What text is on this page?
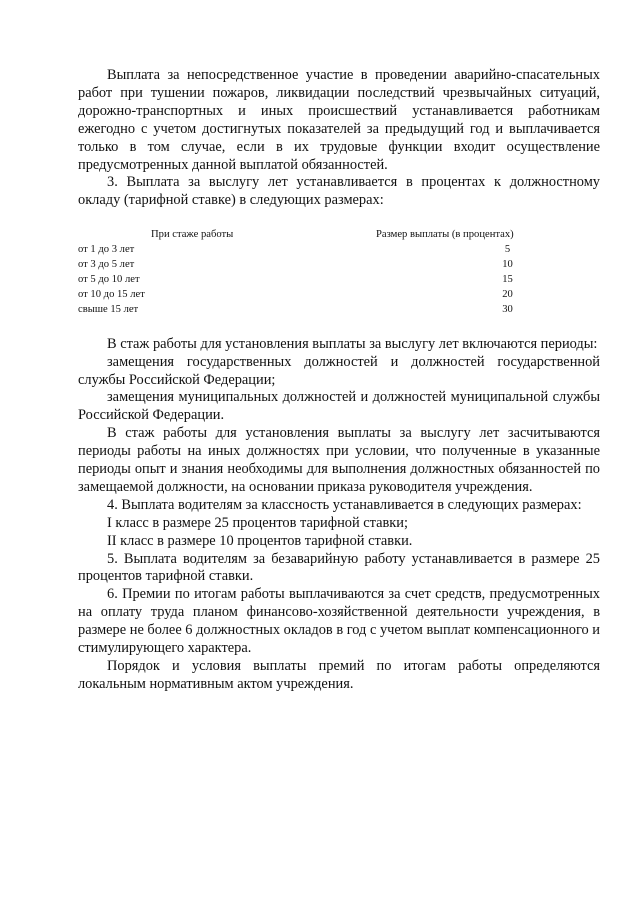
Выплата за непосредственное участие в проведении аварийно-спасательных работ при тушении пожаров, ликвидации последствий чрезвычайных ситуаций, дорожно-транспортных и иных происшествий устанавливается работникам ежегодно с учетом достигнутых показателей за предыдущий год и выплачивается только в том случае, если в их трудовые функции входит осуществление предусмотренных данной выплатой обязанностей.

3. Выплата за выслугу лет устанавливается в процентах к должностному окладу (тарифной ставке) в следующих размерах:

При стаже работы	Размер выплаты (в процентах)
от 1 до 3 лет	5
от 3 до 5 лет	10
от 5 до 10 лет	15
от 10 до 15 лет	20
свыше 15 лет	30

В стаж работы для установления выплаты за выслугу лет включаются периоды:

замещения государственных должностей и должностей государственной службы Российской Федерации;

замещения муниципальных должностей и должностей муниципальной службы Российской Федерации.

В стаж работы для установления выплаты за выслугу лет засчитываются периоды работы на иных должностях при условии, что полученные в указанные периоды опыт и знания необходимы для выполнения должностных обязанностей по замещаемой должности, на основании приказа руководителя учреждения.

4. Выплата водителям за классность устанавливается в следующих размерах:

I класс в размере 25 процентов тарифной ставки;

II класс в размере 10 процентов тарифной ставки.

5. Выплата водителям за безаварийную работу устанавливается в размере 25 процентов тарифной ставки.

6. Премии по итогам работы выплачиваются за счет средств, предусмотренных на оплату труда планом финансово-хозяйственной деятельности учреждения, в размере не более 6 должностных окладов в год с учетом выплат компенсационного и стимулирующего характера.

Порядок и условия выплаты премий по итогам работы определяются локальным нормативным актом учреждения.
